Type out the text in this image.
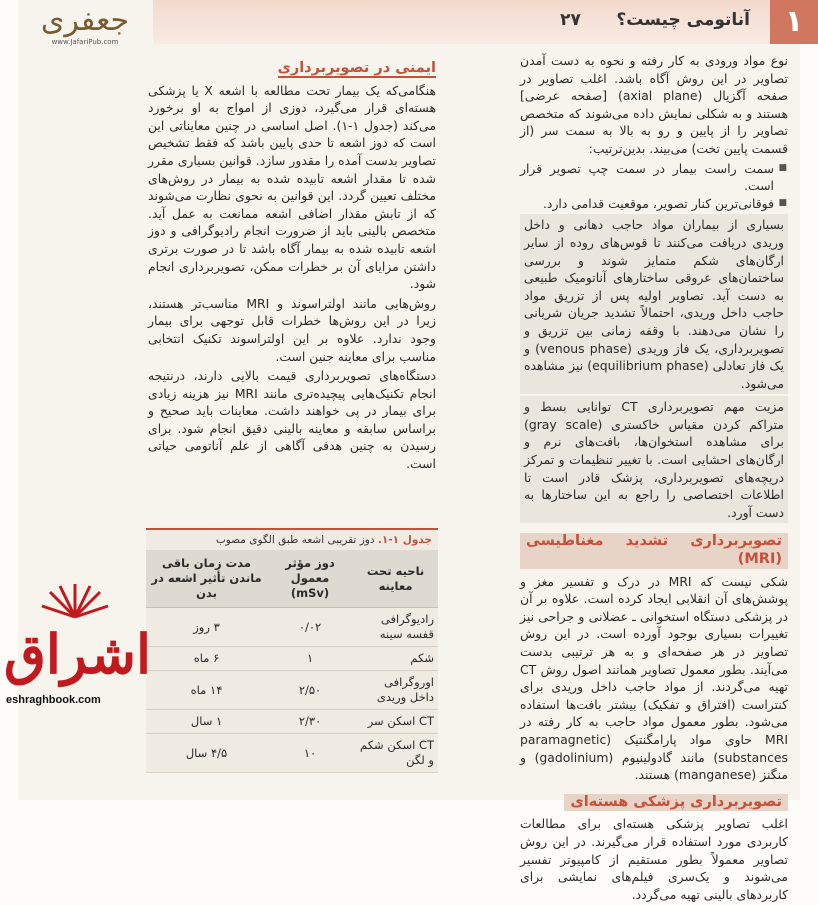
۱
آناتومی چیست؟      ۲۷
جعفری
www.JafariPub.com

نوع مواد ورودی به کار رفته و نحوه به دست آمدن تصاویر در این روش آگاه باشد. اغلب تصاویر در صفحه آگزیال (axial plane) [صفحه عرضی] هستند و به شکلی نمایش داده می‌شوند که متخصص تصاویر را از پایین و رو به بالا به سمت سر (از قسمت پایین تخت) می‌بیند. بدین‌ترتیب:

■ سمت راست بیمار در سمت چپ تصویر قرار است.
■ فوقانی‌ترین کنار تصویر، موقعیت قدامی دارد.

بسیاری از بیماران مواد حاجب دهانی و داخل وریدی دریافت می‌کنند تا قوس‌های روده از سایر ارگان‌های شکم متمایز شوند و بررسی ساختمان‌های عروقی ساختارهای آناتومیک طبیعی به دست آید. تصاویر اولیه پس از تزریق مواد حاجب داخل وریدی، احتمالاً تشدید جریان شریانی را نشان می‌دهند. با وقفه زمانی بین تزریق و تصویربرداری، یک فاز وریدی (venous phase) و یک فاز تعادلی (equilibrium phase) نیز مشاهده می‌شود.

مزیت مهم تصویربرداری CT توانایی بسط و متراکم کردن مقیاس خاکستری (gray scale) برای مشاهده استخوان‌ها، بافت‌های نرم و ارگان‌های احشایی است. با تغییر تنظیمات و تمرکز دریچه‌های تصویربرداری، پزشک قادر است تا اطلاعات اختصاصی را راجع به این ساختارها به دست آورد.

تصویربرداری تشدید مغناطیسی (MRI)

شکی نیست که MRI در درک و تفسیر مغز و پوشش‌های آن انقلابی ایجاد کرده است. علاوه بر آن در پزشکی دستگاه استخوانی ـ عضلانی و جراحی نیز تغییرات بسیاری بوجود آورده است. در این روش تصاویر در هر صفحه‌ای و به هر ترتیبی بدست می‌آیند. بطور معمول تصاویر همانند اصول روش CT تهیه می‌گردند. از مواد حاجب داخل وریدی برای کنتراست (افتراق و تفکیک) بیشتر بافت‌ها استفاده می‌شود. بطور معمول مواد حاجب به کار رفته در MRI حاوی مواد پارامگنتیک (paramagnetic substances) مانند گادولینیوم (gadolinium) و منگنز (manganese) هستند.

تصویربرداری پزشکی هسته‌ای

اغلب تصاویر پزشکی هسته‌ای برای مطالعات کاربردی مورد استفاده قرار می‌گیرند. در این روش تصاویر معمولاً بطور مستقیم از کامپیوتر تفسیر می‌شوند و یک‌سری فیلم‌های نمایشی برای کاربردهای بالینی تهیه می‌گردد.

ایمنی در تصویربرداری

هنگامی‌که یک بیمار تحت مطالعه با اشعه X یا پزشکی هسته‌ای قرار می‌گیرد، دوزی از امواج به او برخورد می‌کند (جدول ۱-۱). اصل اساسی در چنین معایناتی این است که دوز اشعه تا حدی پایین باشد که فقط تشخیص تصاویر بدست آمده را مقدور سازد. قوانین بسیاری مقرر شده تا مقدار اشعه تابیده شده به بیمار در روش‌های مختلف تعیین گردد. این قوانین به نحوی نظارت می‌شوند که از تابش مقدار اضافی اشعه ممانعت به عمل آید. متخصص بالینی باید از ضرورت انجام رادیوگرافی و دوز اشعه تابیده شده به بیمار آگاه باشد تا در صورت برتری داشتن مزایای آن بر خطرات ممکن، تصویربرداری انجام شود.

روش‌هایی مانند اولتراسوند و MRI مناسب‌تر هستند، زیرا در این روش‌ها خطرات قابل توجهی برای بیمار وجود ندارد. علاوه بر این اولتراسوند تکنیک انتخابی مناسب برای معاینه جنین است.

دستگاه‌های تصویربرداری قیمت بالایی دارند، درنتیجه انجام تکنیک‌هایی پیچیده‌تری مانند MRI نیز هزینه زیادی برای بیمار در پی خواهند داشت. معاینات باید صحیح و براساس سابقه و معاینه بالینی دقیق انجام شود. برای رسیدن به چنین هدفی آگاهی از علم آناتومی حیاتی است.

جدول ۱-۱. دوز تقریبی اشعه طبق الگوی مصوب
ناحیه تحت معاینه	دوز مؤثر معمول (mSv)	مدت زمان باقی ماندن تأثیر اشعه در بدن
رادیوگرافی قفسه سینه	۰/۰۲	۳ روز
شکم	۱	۶ ماه
اوروگرافی داخل وریدی	۲/۵۰	۱۴ ماه
CT اسکن سر	۲/۳۰	۱ سال
CT اسکن شکم و لگن	۱۰	۴/۵ سال
اشراق
eshraghbook.com
